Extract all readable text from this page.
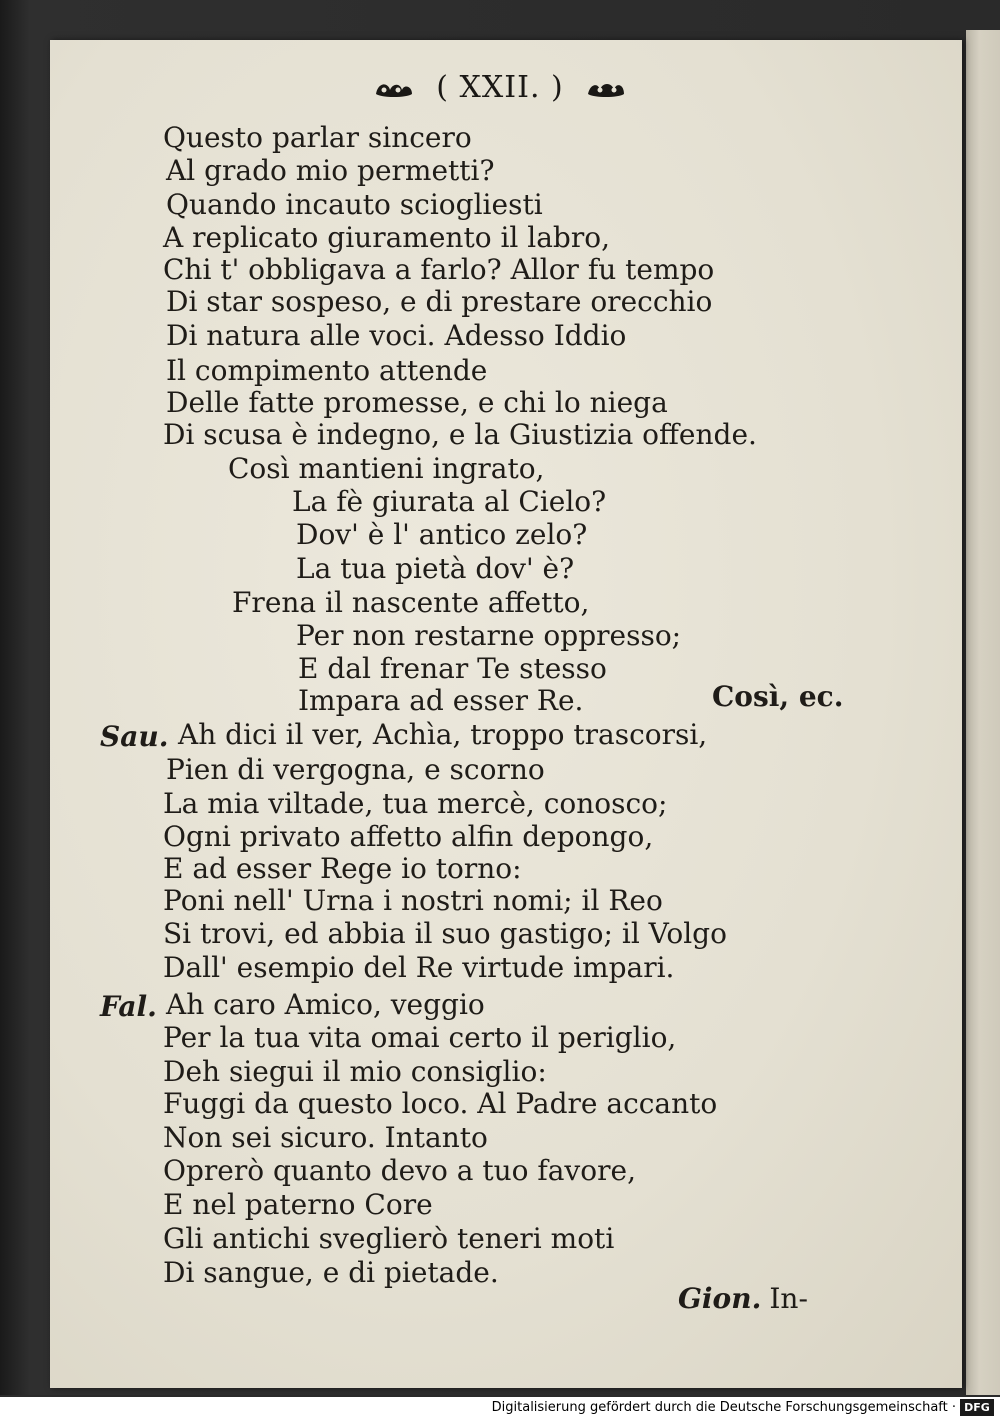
( XXII. )
Questo parlar sincero
Al grado mio permetti?
Quando incauto sciogliesti
A replicato giuramento il labro,
Chi t' obbligava a farlo? Allor fu tempo
Di star sospeso, e di prestare orecchio
Di natura alle voci. Adesso Iddio
Il compimento attende
Delle fatte promesse, e chi lo niega
Di scusa è indegno, e la Giustizia offende.
Così mantieni ingrato,
La fè giurata al Cielo?
Dov' è l' antico zelo?
La tua pietà dov' è?
Frena il nascente affetto,
Per non restarne oppresso;
E dal frenar Te stesso
Impara ad esser Re.	Così, ec.
Sau. Ah dici il ver, Achìa, troppo trascorsi,
Pien di vergogna, e scorno
La mia viltade, tua mercè, conosco;
Ogni privato affetto alfin depongo,
E ad esser Rege io torno:
Poni nell' Urna i nostri nomi; il Reo
Si trovi, ed abbia il suo gastigo; il Volgo
Dall' esempio del Re virtude impari.
Fal. Ah caro Amico, veggio
Per la tua vita omai certo il periglio,
Deh siegui il mio consiglio:
Fuggi da questo loco. Al Padre accanto
Non sei sicuro. Intanto
Oprerò quanto devo a tuo favore,
E nel paterno Core
Gli antichi sveglierò teneri moti
Di sangue, e di pietade.
Gion. In-
Digitalisierung gefördert durch die Deutsche Forschungsgemeinschaft · DFG
